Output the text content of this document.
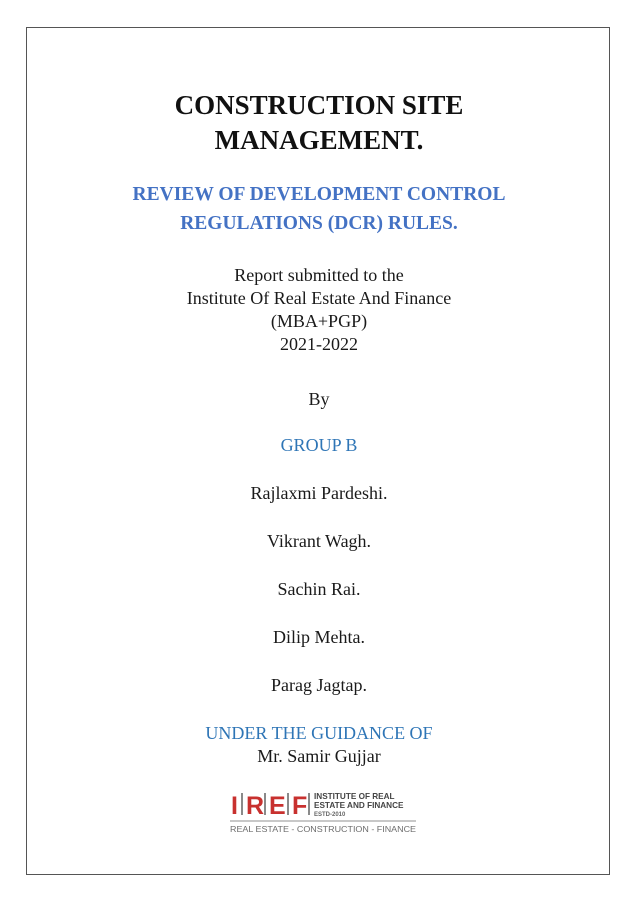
CONSTRUCTION SITE
MANAGEMENT.
REVIEW OF DEVELOPMENT CONTROL
REGULATIONS (DCR) RULES.
Report submitted to the
Institute Of Real Estate And Finance
(MBA+PGP)
2021-2022
By
GROUP B
Rajlaxmi Pardeshi.
Vikrant Wagh.
Sachin Rai.
Dilip Mehta.
Parag Jagtap.
UNDER THE GUIDANCE OF
Mr. Samir Gujjar
I R E F INSTITUTE OF REAL
ESTATE AND FINANCE
ESTD-2010
REAL ESTATE - CONSTRUCTION - FINANCE
